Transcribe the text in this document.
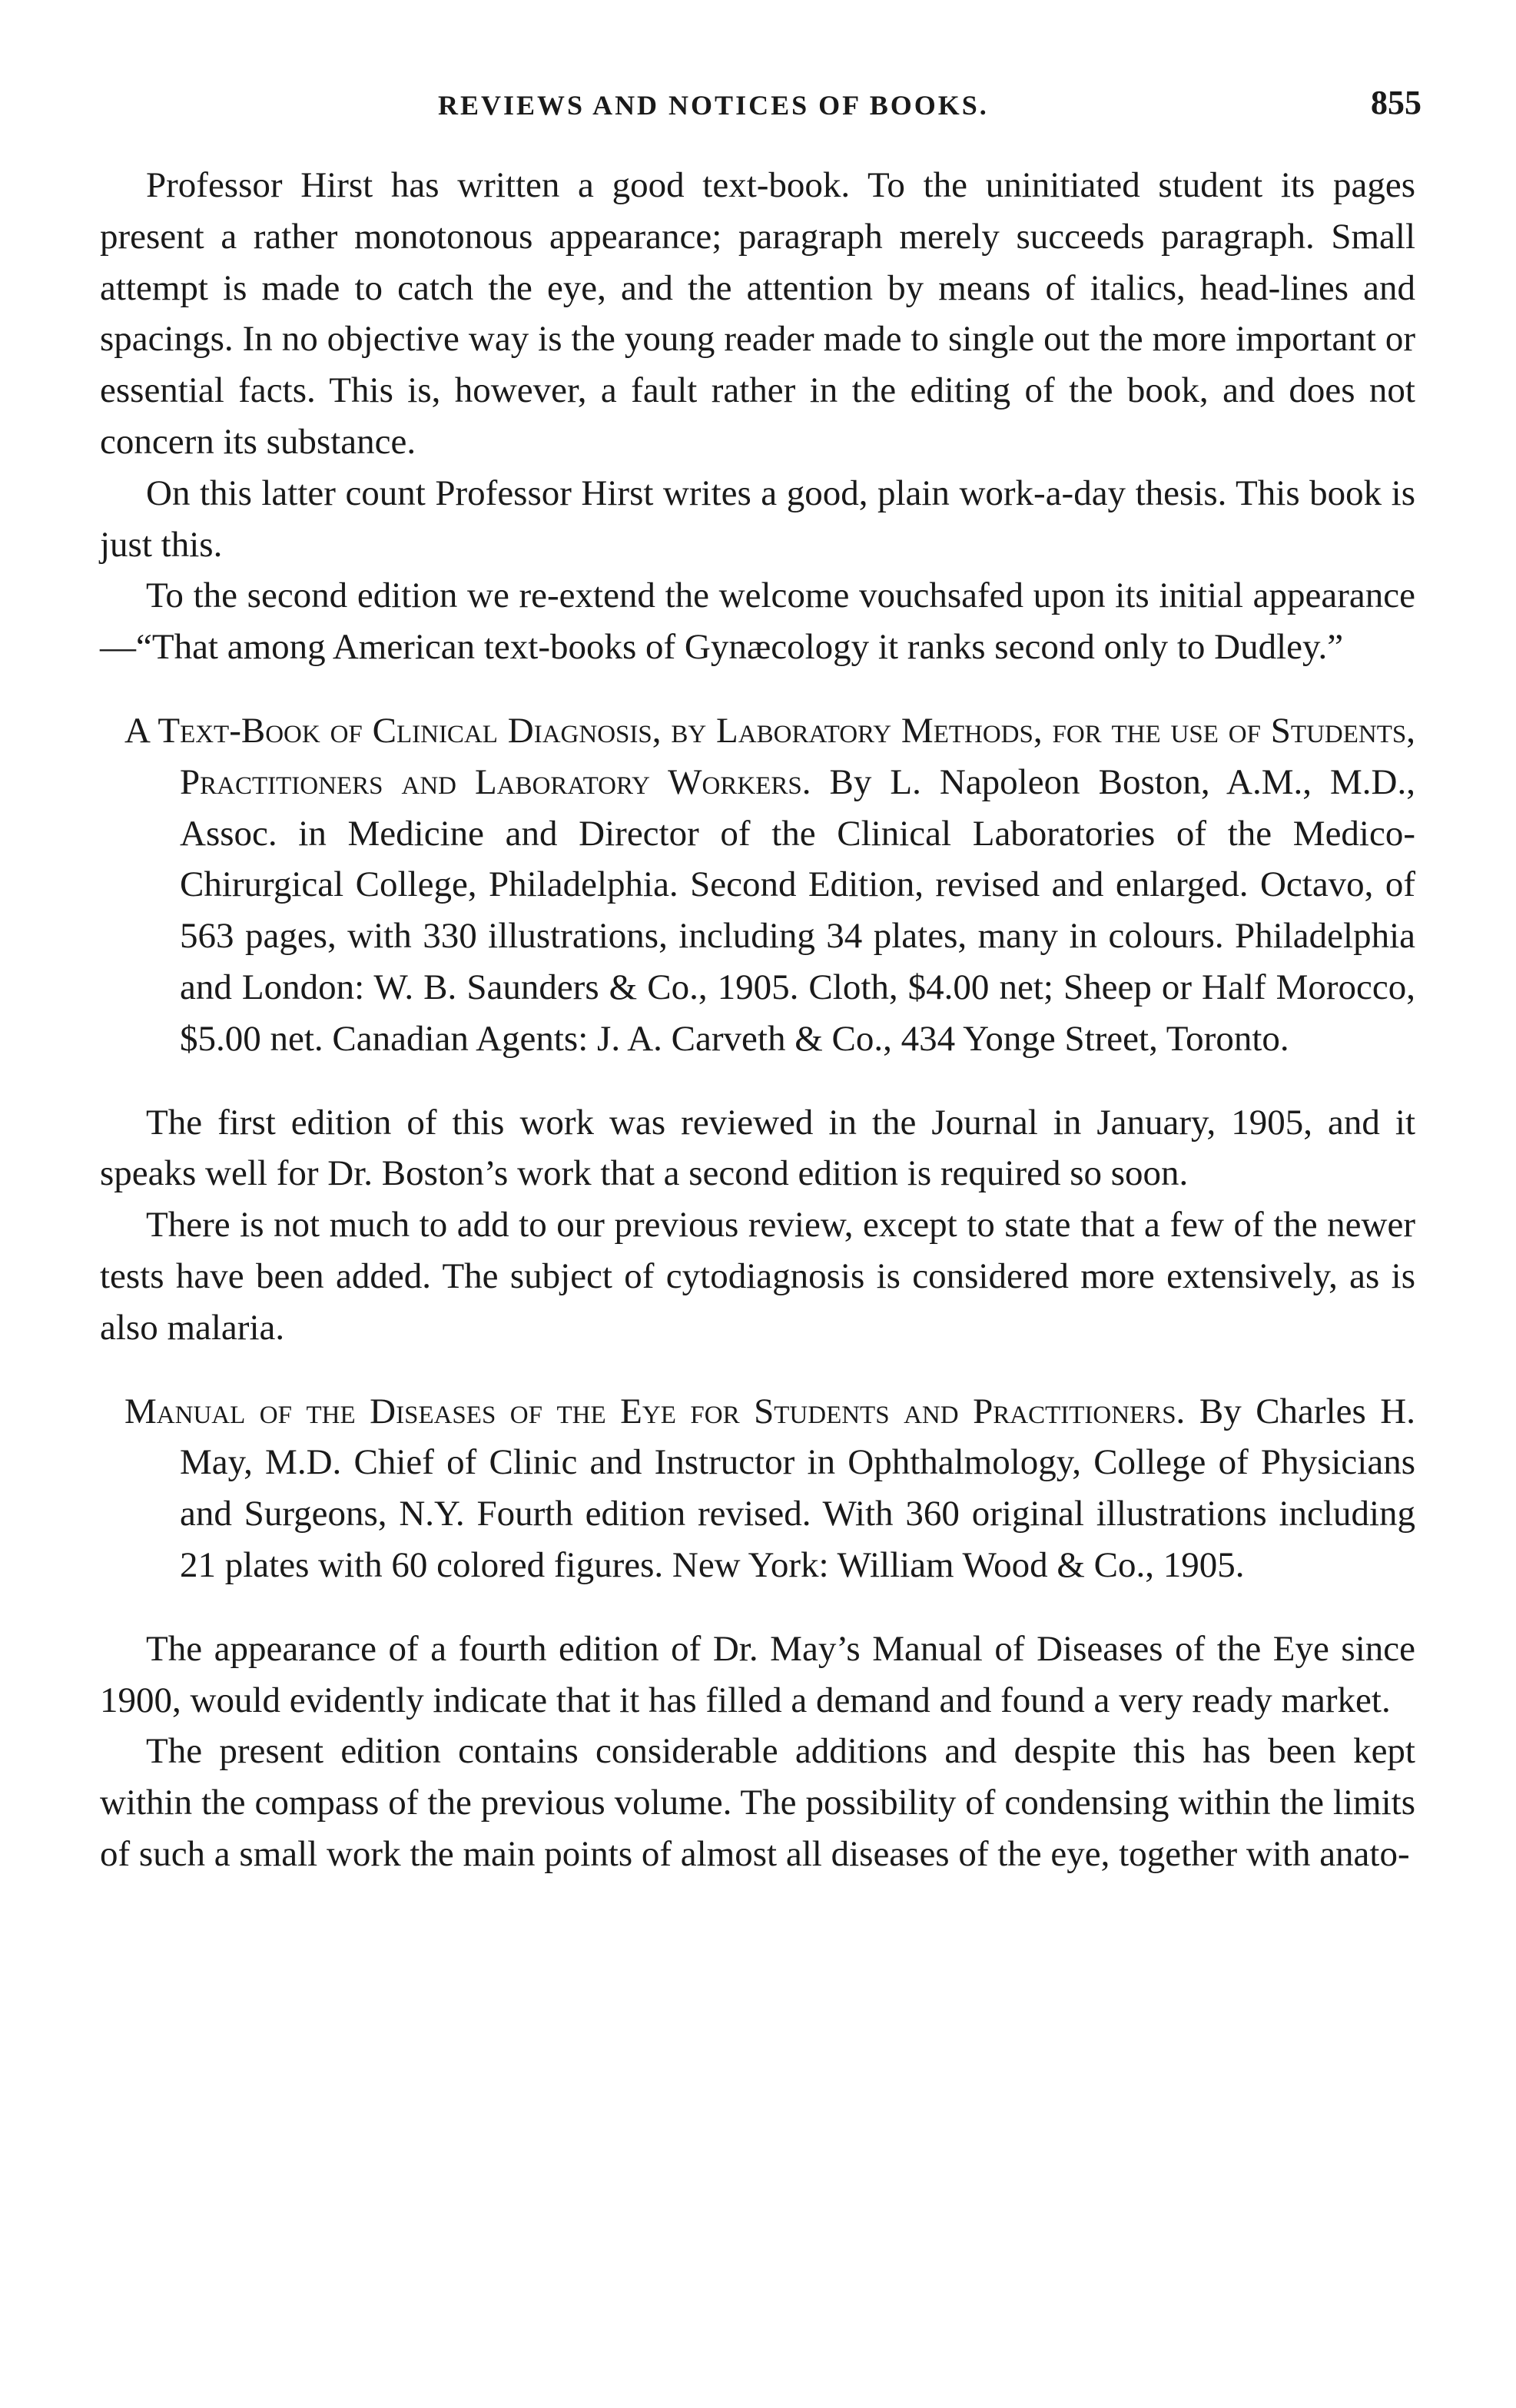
REVIEWS AND NOTICES OF BOOKS.	855

Professor Hirst has written a good text-book. To the uninitiated student its pages present a rather monotonous appearance; paragraph merely succeeds paragraph. Small attempt is made to catch the eye, and the attention by means of italics, head-lines and spacings. In no objective way is the young reader made to single out the more important or essential facts. This is, however, a fault rather in the editing of the book, and does not concern its substance.

On this latter count Professor Hirst writes a good, plain work-a-day thesis. This book is just this.

To the second edition we re-extend the welcome vouchsafed upon its initial appearance—“That among American text-books of Gynæcology it ranks second only to Dudley.”

A Text-Book of Clinical Diagnosis, by Laboratory Methods, for the use of Students, Practitioners and Laboratory Workers. By L. Napoleon Boston, A.M., M.D., Assoc. in Medicine and Director of the Clinical Laboratories of the Medico-Chirurgical College, Philadelphia. Second Edition, revised and enlarged. Octavo, of 563 pages, with 330 illustrations, including 34 plates, many in colours. Philadelphia and London: W. B. Saunders & Co., 1905. Cloth, $4.00 net; Sheep or Half Morocco, $5.00 net. Canadian Agents: J. A. Carveth & Co., 434 Yonge Street, Toronto.

The first edition of this work was reviewed in the Journal in January, 1905, and it speaks well for Dr. Boston’s work that a second edition is required so soon.

There is not much to add to our previous review, except to state that a few of the newer tests have been added. The subject of cytodiagnosis is considered more extensively, as is also malaria.

Manual of the Diseases of the Eye for Students and Practitioners. By Charles H. May, M.D. Chief of Clinic and Instructor in Ophthalmology, College of Physicians and Surgeons, N.Y. Fourth edition revised. With 360 original illustrations including 21 plates with 60 colored figures. New York: William Wood & Co., 1905.

The appearance of a fourth edition of Dr. May’s Manual of Diseases of the Eye since 1900, would evidently indicate that it has filled a demand and found a very ready market.

The present edition contains considerable additions and despite this has been kept within the compass of the previous volume. The possibility of condensing within the limits of such a small work the main points of almost all diseases of the eye, together with anato-
